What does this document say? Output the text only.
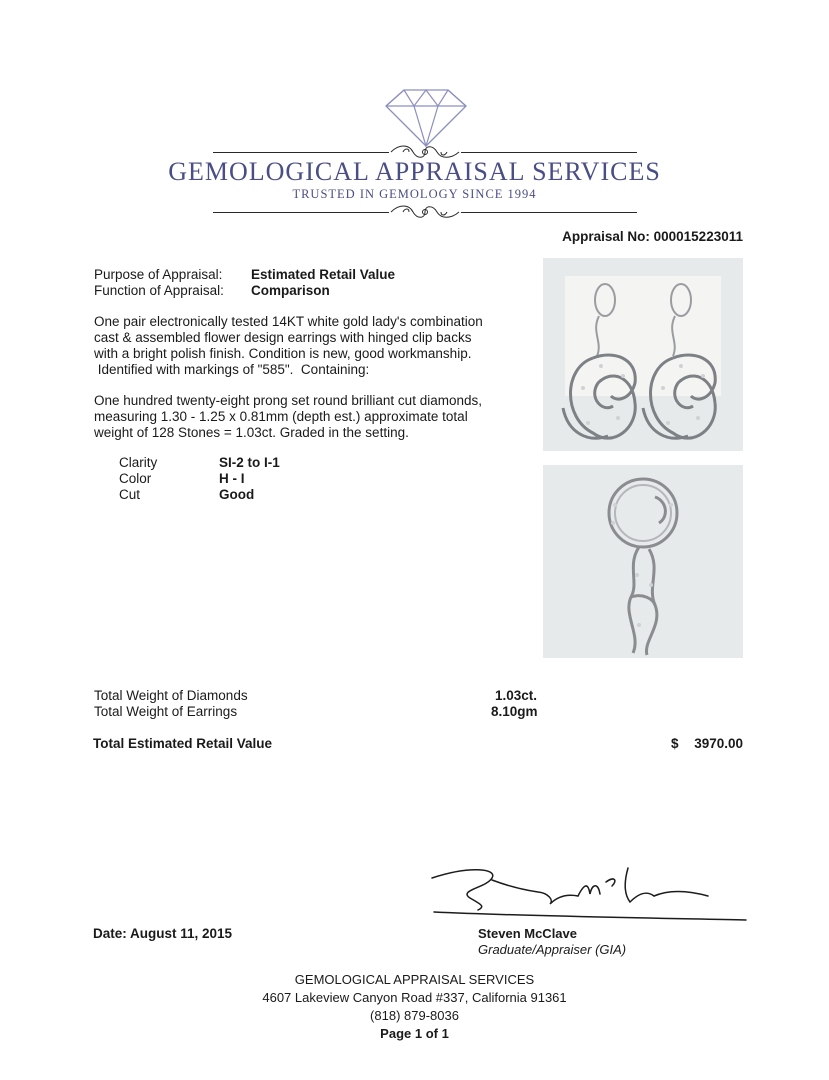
GEMOLOGICAL APPRAISAL SERVICES
TRUSTED IN GEMOLOGY SINCE 1994
Appraisal No: 000015223011
Purpose of Appraisal: Estimated Retail Value
Function of Appraisal: Comparison
One pair electronically tested 14KT white gold lady's combination
cast & assembled flower design earrings with hinged clip backs
with a bright polish finish. Condition is new, good workmanship.
Identified with markings of "585".  Containing:
One hundred twenty-eight prong set round brilliant cut diamonds,
measuring 1.30 - 1.25 x 0.81mm (depth est.) approximate total
weight of 128 Stones = 1.03ct. Graded in the setting.
Clarity	SI-2 to I-1
Color	H - I
Cut	Good
Total Weight of Diamonds	1.03ct.
Total Weight of Earrings	8.10gm
Total Estimated Retail Value	$ 3970.00
Steven McClave
Graduate/Appraiser (GIA)
Date: August 11, 2015
GEMOLOGICAL APPRAISAL SERVICES
4607 Lakeview Canyon Road #337, California 91361
(818) 879-8036
Page 1 of 1
